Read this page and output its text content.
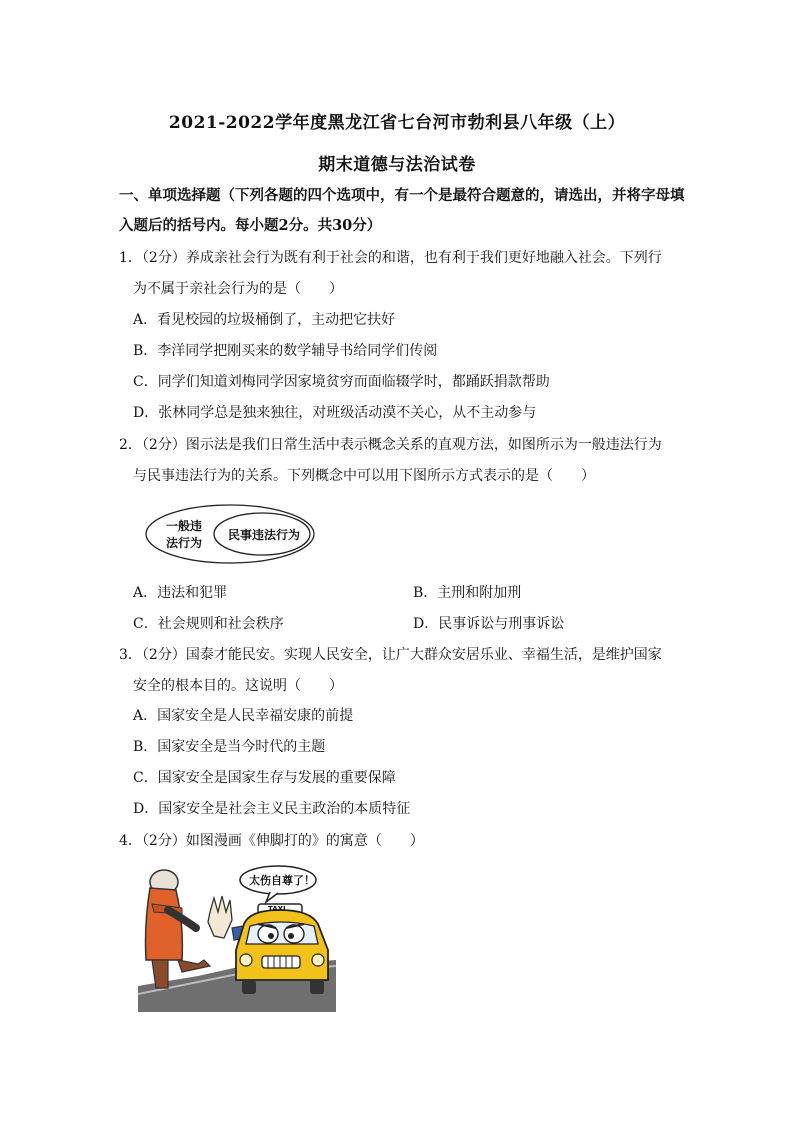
2021-2022学年度黑龙江省七台河市勃利县八年级（上）
期末道德与法治试卷
一、单项选择题（下列各题的四个选项中，有一个是最符合题意的，请选出，并将字母填
入题后的括号内。每小题2分。共30分）
1．（2分）养成亲社会行为既有利于社会的和谐，也有利于我们更好地融入社会。下列行
为不属于亲社会行为的是（　　）
A．看见校园的垃圾桶倒了，主动把它扶好
B．李洋同学把刚买来的数学辅导书给同学们传阅
C．同学们知道刘梅同学因家境贫穷而面临辍学时，都踊跃捐款帮助
D．张林同学总是独来独往，对班级活动漠不关心，从不主动参与
2．（2分）图示法是我们日常生活中表示概念关系的直观方法，如图所示为一般违法行为
与民事违法行为的关系。下列概念中可以用下图所示方式表示的是（　　）
一般违
法行为
民事违法行为
A．违法和犯罪	B．主刑和附加刑
C．社会规则和社会秩序	D．民事诉讼与刑事诉讼
3．（2分）国泰才能民安。实现人民安全，让广大群众安居乐业、幸福生活，是维护国家
安全的根本目的。这说明（　　）
A．国家安全是人民幸福安康的前提
B．国家安全是当今时代的主题
C．国家安全是国家生存与发展的重要保障
D．国家安全是社会主义民主政治的本质特征
4．（2分）如图漫画《伸脚打的》的寓意（　　）
太伤自尊了！
TAXI
